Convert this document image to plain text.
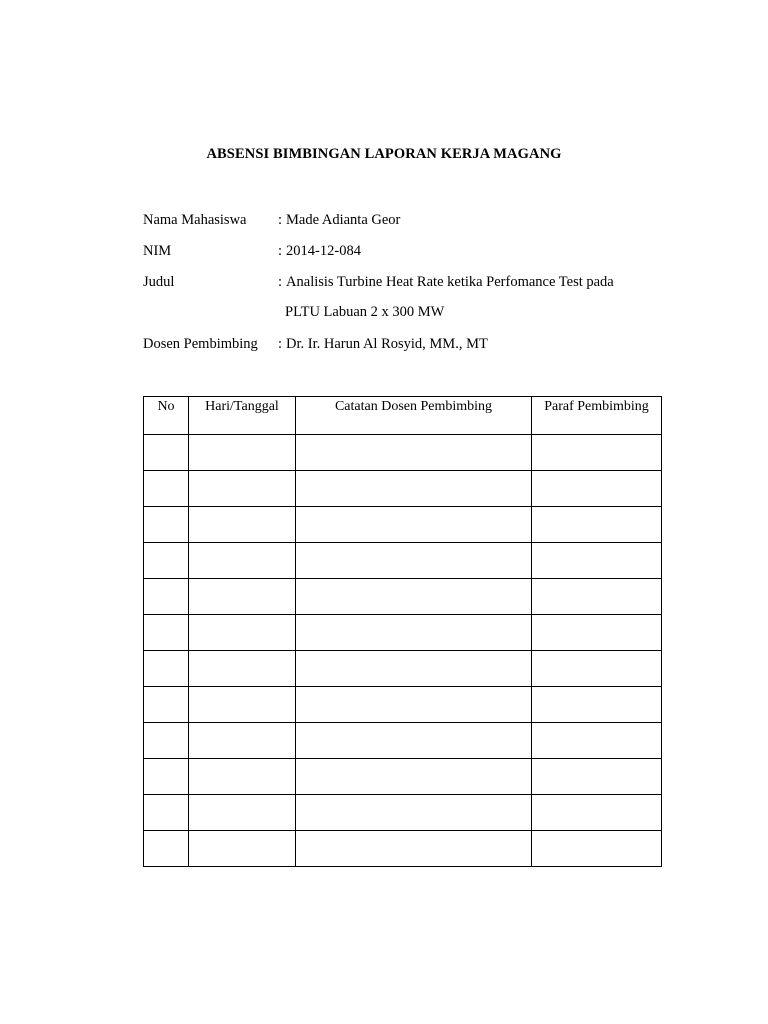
ABSENSI BIMBINGAN LAPORAN KERJA MAGANG
Nama Mahasiswa : Made Adianta Geor
NIM	: 2014-12-084
Judul	: Analisis Turbine Heat Rate ketika Perfomance Test pada
PLTU Labuan 2 x 300 MW
Dosen Pembimbing : Dr. Ir. Harun Al Rosyid, MM., MT
No	Hari/Tanggal	Catatan Dosen Pembimbing	Paraf Pembimbing
